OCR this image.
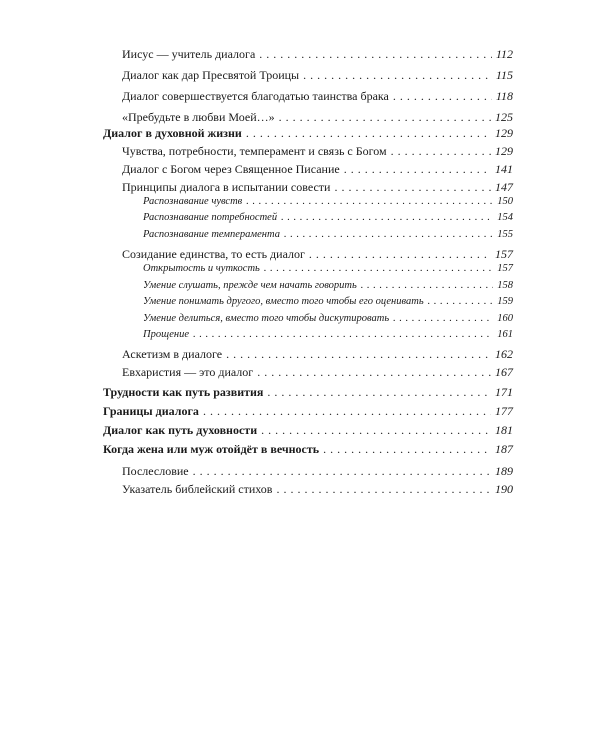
Иисус — учитель диалога . . .	112
Диалог как дар Пресвятой Троицы . . .	115
Диалог совершествуется благодатью таинства брака . . .	118
«Пребудьте в любви Моей…» . . .	125
Диалог в духовной жизни . . .	129
Чувства, потребности, темперамент и связь с Богом . . .	129
Диалог с Богом через Священное Писание . . .	141
Принципы диалога в испытании совести . . .	147
Распознавание чувств . . .	150
Распознавание потребностей . . .	154
Распознавание темперамента . . .	155
Созидание единства, то есть диалог . . .	157
Открытость и чуткость . . .	157
Умение слушать, прежде чем начать говорить . . .	158
Умение понимать другого, вместо того чтобы его оценивать . . .	159
Умение делиться, вместо того чтобы дискутировать . . .	160
Прощение . . .	161
Аскетизм в диалоге . . .	162
Евхаристия — это диалог . . .	167
Трудности как путь развития . . .	171
Границы диалога . . .	177
Диалог как путь духовности . . .	181
Когда жена или муж отойдёт в вечность . . .	187
Послесловие . . .	189
Указатель библейский стихов . . .	190
